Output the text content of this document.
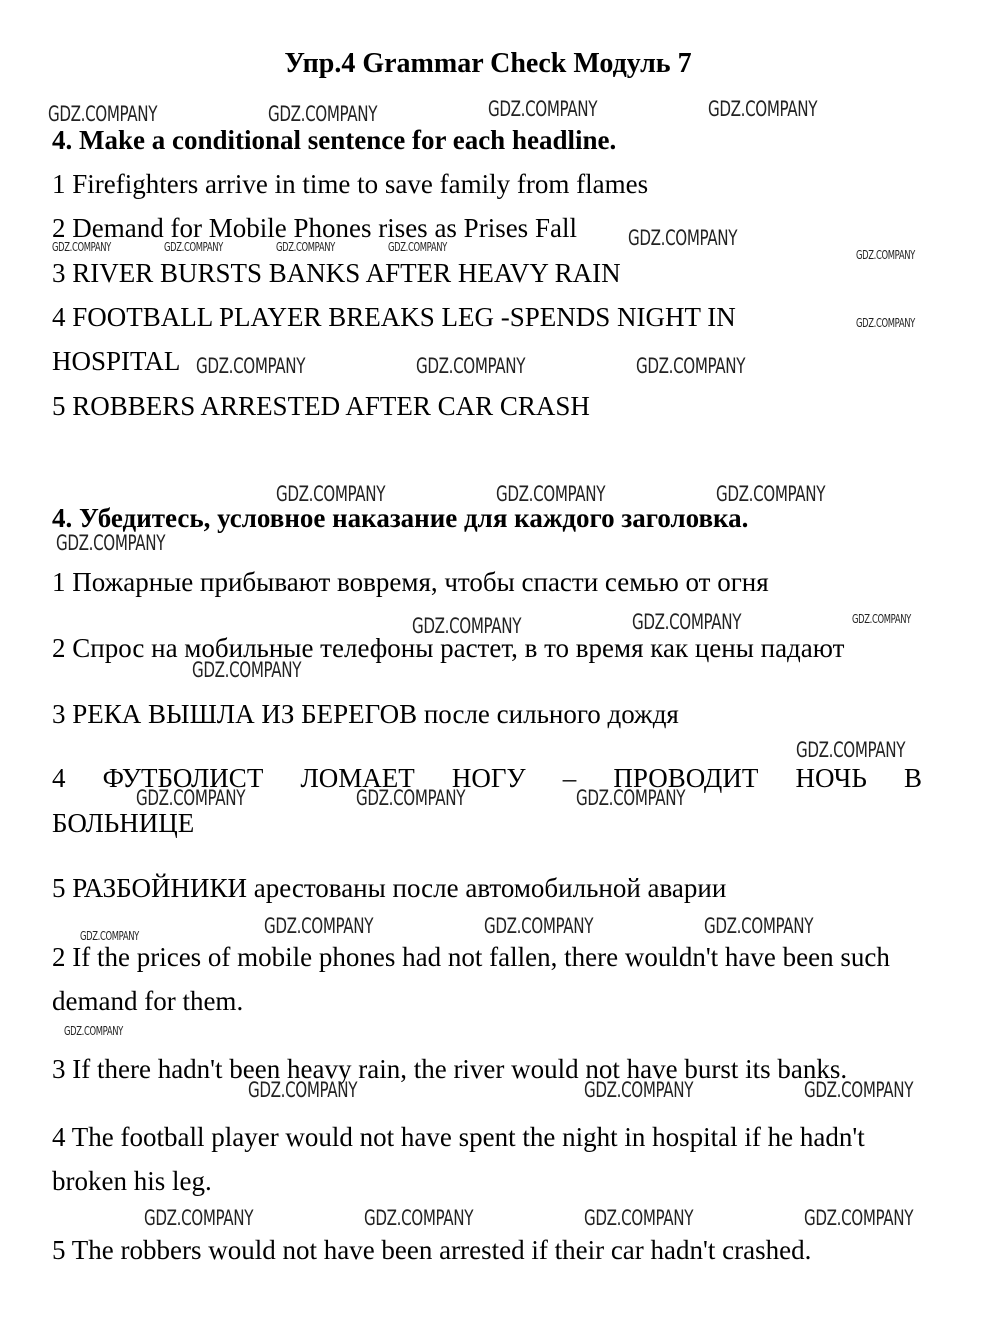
Упр.4 Grammar Check Модуль 7
4. Make a conditional sentence for each headline.
1 Firefighters arrive in time to save family from flames
2 Demand for Mobile Phones rises as Prises Fall
3 RIVER BURSTS BANKS AFTER HEAVY RAIN
4 FOOTBALL PLAYER BREAKS LEG -SPENDS NIGHT IN HOSPITAL
5 ROBBERS ARRESTED AFTER CAR CRASH
4. Убедитесь, условное наказание для каждого заголовка.
1 Пожарные прибывают вовремя, чтобы спасти семью от огня
2 Спрос на мобильные телефоны растет, в то время как цены падают
3 РЕКА ВЫШЛА ИЗ БЕРЕГОВ после сильного дождя
4 ФУТБОЛИСТ ЛОМАЕТ НОГУ – ПРОВОДИТ НОЧЬ В
БОЛЬНИЦЕ
5 РАЗБОЙНИКИ арестованы после автомобильной аварии
2 If the prices of mobile phones had not fallen, there wouldn't have been such demand for them.
3 If there hadn't been heavy rain, the river would not have burst its banks.
4 The football player would not have spent the night in hospital if he hadn't broken his leg.
5 The robbers would not have been arrested if their car hadn't crashed.
GDZ.COMPANY	GDZ.COMPANY	GDZ.COMPANY	GDZ.COMPANY
GDZ.COMPANY	GDZ.COMPANY	GDZ.COMPANY	GDZ.COMPANY	GDZ.COMPANY
GDZ.COMPANY
GDZ.COMPANY
GDZ.COMPANY	GDZ.COMPANY	GDZ.COMPANY
GDZ.COMPANY	GDZ.COMPANY	GDZ.COMPANY
GDZ.COMPANY
GDZ.COMPANY	GDZ.COMPANY	GDZ.COMPANY
GDZ.COMPANY
GDZ.COMPANY
GDZ.COMPANY	GDZ.COMPANY	GDZ.COMPANY
GDZ.COMPANY	GDZ.COMPANY	GDZ.COMPANY	GDZ.COMPANY
GDZ.COMPANY
GDZ.COMPANY	GDZ.COMPANY	GDZ.COMPANY
GDZ.COMPANY	GDZ.COMPANY	GDZ.COMPANY	GDZ.COMPANY
